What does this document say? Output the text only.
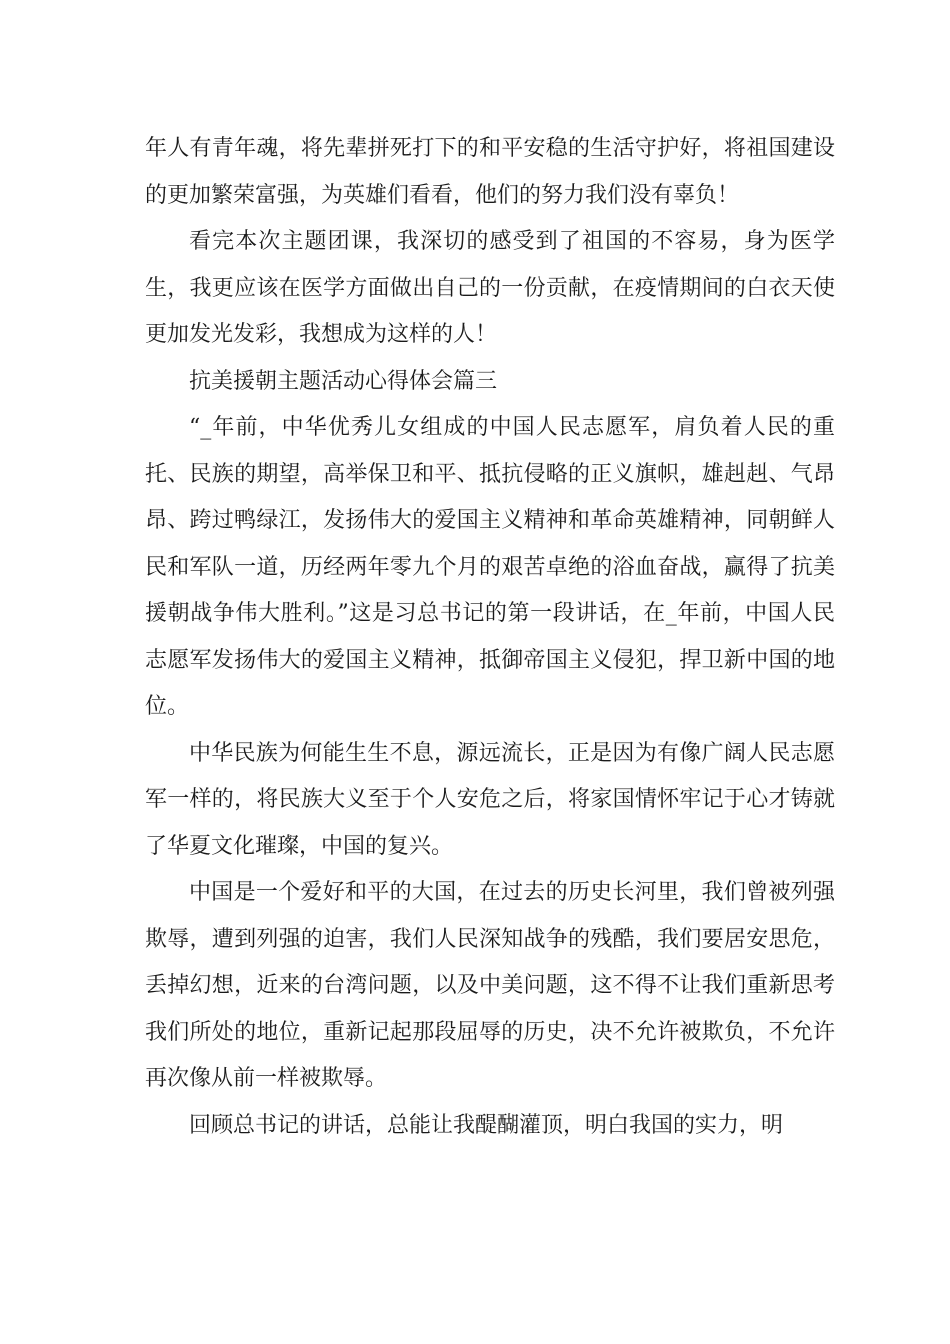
年人有青年魂，将先辈拼死打下的和平安稳的生活守护好，将祖国建设的更加繁荣富强，为英雄们看看，他们的努力我们没有辜负！

看完本次主题团课，我深切的感受到了祖国的不容易，身为医学生，我更应该在医学方面做出自己的一份贡献，在疫情期间的白衣天使更加发光发彩，我想成为这样的人！

抗美援朝主题活动心得体会篇三

“_年前，中华优秀儿女组成的中国人民志愿军，肩负着人民的重托、民族的期望，高举保卫和平、抵抗侵略的正义旗帜，雄赳赳、气昂昂、跨过鸭绿江，发扬伟大的爱国主义精神和革命英雄精神，同朝鲜人民和军队一道，历经两年零九个月的艰苦卓绝的浴血奋战，赢得了抗美援朝战争伟大胜利。”这是习总书记的第一段讲话，在_年前，中国人民志愿军发扬伟大的爱国主义精神，抵御帝国主义侵犯，捍卫新中国的地位。

中华民族为何能生生不息，源远流长，正是因为有像广阔人民志愿军一样的，将民族大义至于个人安危之后，将家国情怀牢记于心才铸就了华夏文化璀璨，中国的复兴。

中国是一个爱好和平的大国，在过去的历史长河里，我们曾被列强欺辱，遭到列强的迫害，我们人民深知战争的残酷，我们要居安思危，丢掉幻想，近来的台湾问题，以及中美问题，这不得不让我们重新思考我们所处的地位，重新记起那段屈辱的历史，决不允许被欺负，不允许再次像从前一样被欺辱。

回顾总书记的讲话，总能让我醍醐灌顶，明白我国的实力，明
